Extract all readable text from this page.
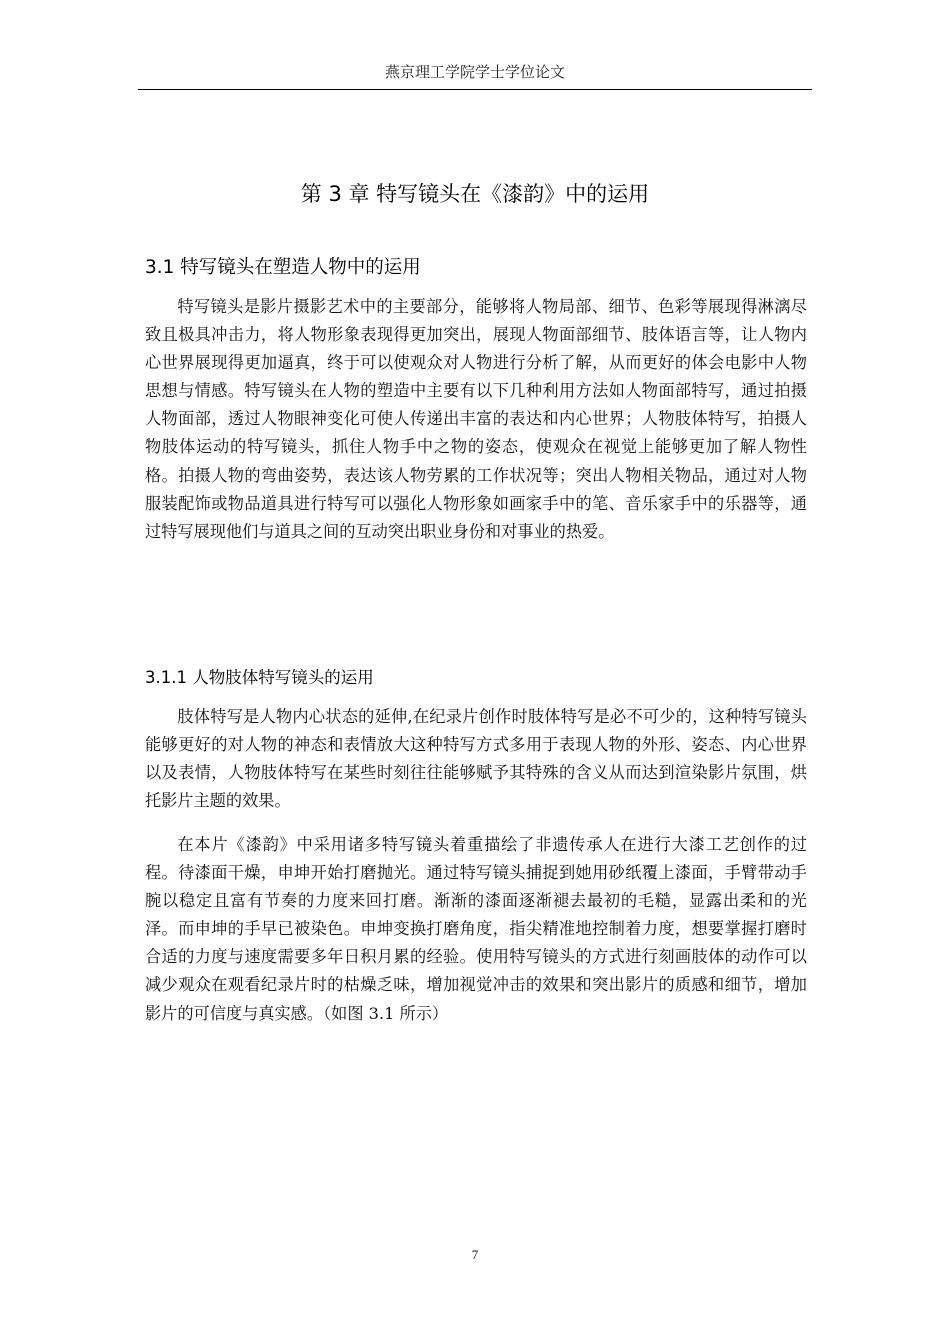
燕京理工学院学士学位论文
第 3 章 特写镜头在《漆韵》中的运用
3.1 特写镜头在塑造人物中的运用

特写镜头是影片摄影艺术中的主要部分，能够将人物局部、细节、色彩等展现得淋漓尽致且极具冲击力，将人物形象表现得更加突出，展现人物面部细节、肢体语言等，让人物内心世界展现得更加逼真，终于可以使观众对人物进行分析了解，从而更好的体会电影中人物思想与情感。特写镜头在人物的塑造中主要有以下几种利用方法如人物面部特写，通过拍摄人物面部，透过人物眼神变化可使人传递出丰富的表达和内心世界；人物肢体特写，拍摄人物肢体运动的特写镜头，抓住人物手中之物的姿态，使观众在视觉上能够更加了解人物性格。拍摄人物的弯曲姿势，表达该人物劳累的工作状况等；突出人物相关物品，通过对人物服装配饰或物品道具进行特写可以强化人物形象如画家手中的笔、音乐家手中的乐器等，通过特写展现他们与道具之间的互动突出职业身份和对事业的热爱。

3.1.1 人物肢体特写镜头的运用

肢体特写是人物内心状态的延伸,在纪录片创作时肢体特写是必不可少的，这种特写镜头能够更好的对人物的神态和表情放大这种特写方式多用于表现人物的外形、姿态、内心世界以及表情，人物肢体特写在某些时刻往往能够赋予其特殊的含义从而达到渲染影片氛围，烘托影片主题的效果。

在本片《漆韵》中采用诸多特写镜头着重描绘了非遗传承人在进行大漆工艺创作的过程。待漆面干燥，申坤开始打磨抛光。通过特写镜头捕捉到她用砂纸覆上漆面，手臂带动手腕以稳定且富有节奏的力度来回打磨。渐渐的漆面逐渐褪去最初的毛糙，显露出柔和的光泽。而申坤的手早已被染色。申坤变换打磨角度，指尖精准地控制着力度，想要掌握打磨时合适的力度与速度需要多年日积月累的经验。使用特写镜头的方式进行刻画肢体的动作可以减少观众在观看纪录片时的枯燥乏味，增加视觉冲击的效果和突出影片的质感和细节，增加影片的可信度与真实感。（如图 3.1 所示）

7
